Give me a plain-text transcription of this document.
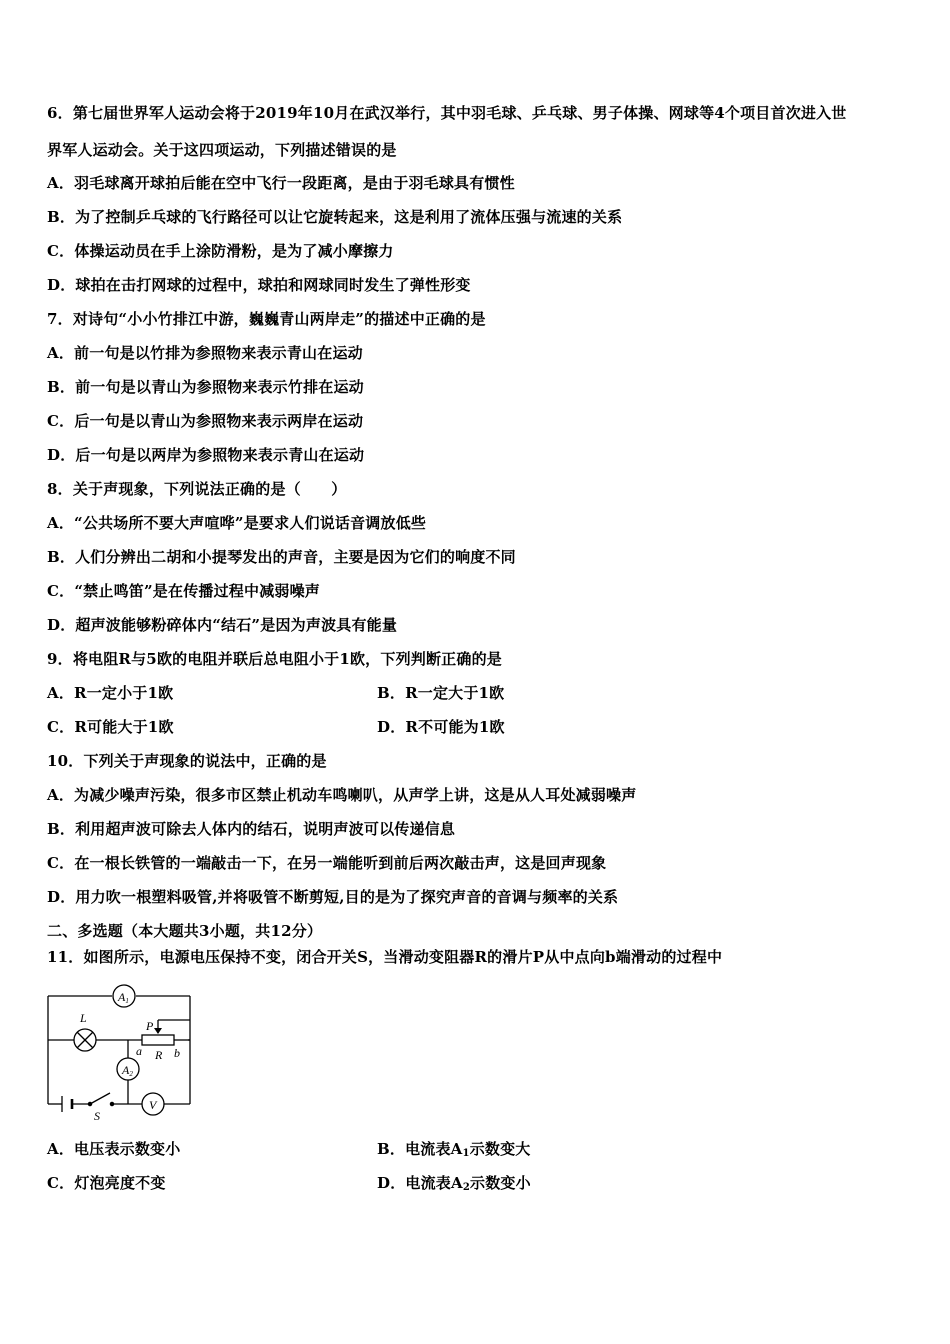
6．第七届世界军人运动会将于2019年10月在武汉举行，其中羽毛球、乒乓球、男子体操、网球等4个项目首次进入世
界军人运动会。关于这四项运动，下列描述错误的是
A．羽毛球离开球拍后能在空中飞行一段距离，是由于羽毛球具有惯性
B．为了控制乒乓球的飞行路径可以让它旋转起来，这是利用了流体压强与流速的关系
C．体操运动员在手上涂防滑粉，是为了减小摩擦力
D．球拍在击打网球的过程中，球拍和网球同时发生了弹性形变
7．对诗句“小小竹排江中游，巍巍青山两岸走”的描述中正确的是
A．前一句是以竹排为参照物来表示青山在运动
B．前一句是以青山为参照物来表示竹排在运动
C．后一句是以青山为参照物来表示两岸在运动
D．后一句是以两岸为参照物来表示青山在运动
8．关于声现象，下列说法正确的是（　　）
A．“公共场所不要大声喧哗”是要求人们说话音调放低些
B．人们分辨出二胡和小提琴发出的声音，主要是因为它们的响度不同
C．“禁止鸣笛”是在传播过程中减弱噪声
D．超声波能够粉碎体内“结石”是因为声波具有能量
9．将电阻R与5欧的电阻并联后总电阻小于1欧，下列判断正确的是
A．R一定小于1欧	B．R一定大于1欧
C．R可能大于1欧	D．R不可能为1欧
10．下列关于声现象的说法中，正确的是
A．为减少噪声污染，很多市区禁止机动车鸣喇叭，从声学上讲，这是从人耳处减弱噪声
B．利用超声波可除去人体内的结石，说明声波可以传递信息
C．在一根长铁管的一端敲击一下，在另一端能听到前后两次敲击声，这是回声现象
D．用力吹一根塑料吸管,并将吸管不断剪短,目的是为了探究声音的音调与频率的关系
二、多选题（本大题共3小题，共12分）
11．如图所示，电源电压保持不变，闭合开关S，当滑动变阻器R的滑片P从中点向b端滑动的过程中
A1
A2
V
L
P
R
a	b
S
A．电压表示数变小	B．电流表$A_1$示数变大
C．灯泡亮度不变	D．电流表$A_2$示数变小
